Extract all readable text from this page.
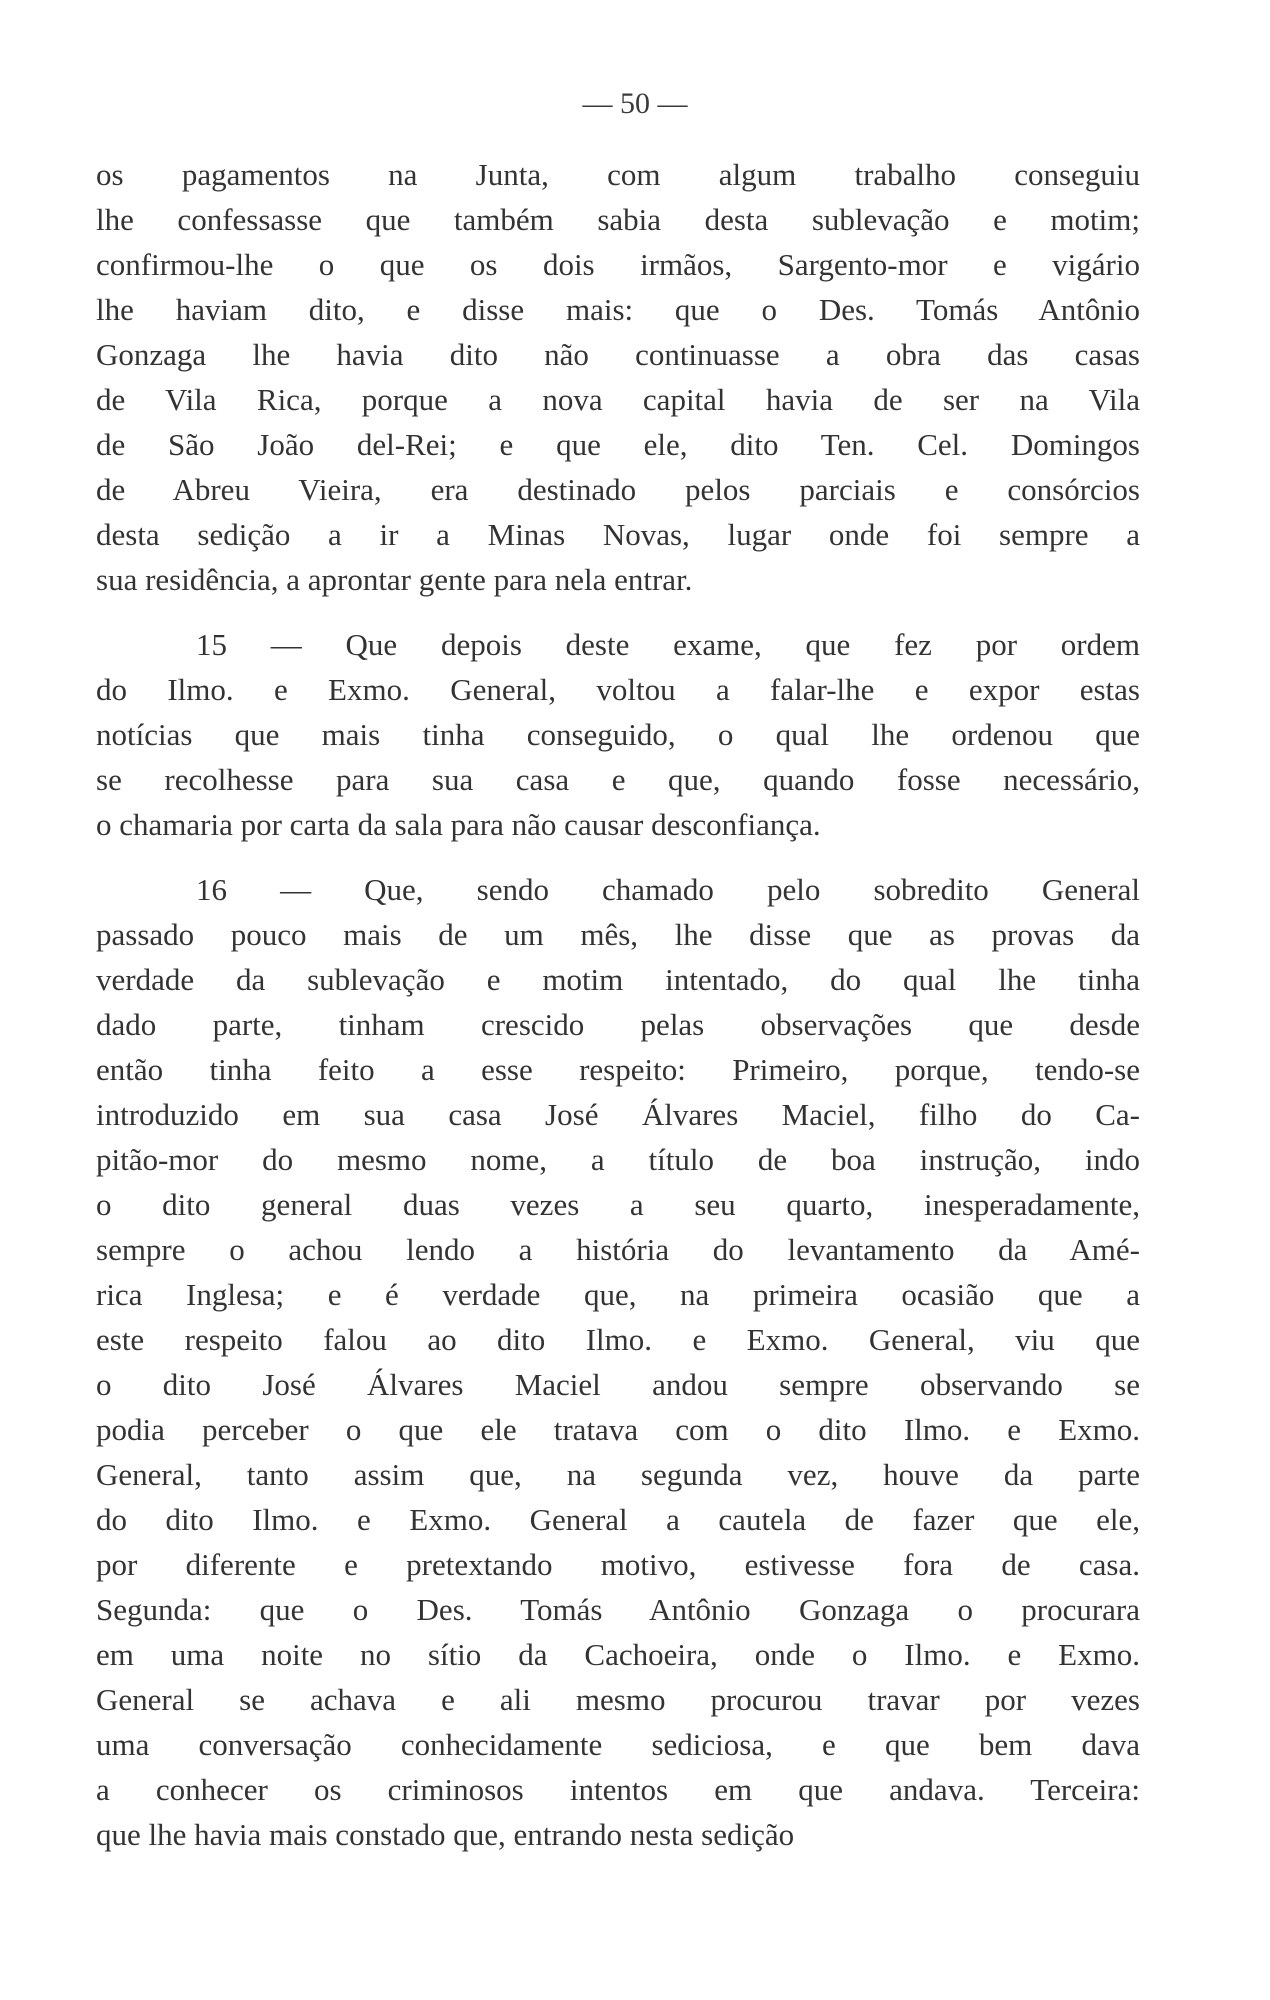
— 50 —
os pagamentos na Junta, com algum trabalho conseguiu
lhe confessasse que também sabia desta sublevação e motim;
confirmou-lhe o que os dois irmãos, Sargento-mor e vigário
lhe haviam dito, e disse mais: que o Des. Tomás Antônio
Gonzaga lhe havia dito não continuasse a obra das casas
de Vila Rica, porque a nova capital havia de ser na Vila
de São João del-Rei; e que ele, dito Ten. Cel. Domingos
de Abreu Vieira, era destinado pelos parciais e consórcios
desta sedição a ir a Minas Novas, lugar onde foi sempre a
sua residência, a aprontar gente para nela entrar.
15 — Que depois deste exame, que fez por ordem
do Ilmo. e Exmo. General, voltou a falar-lhe e expor estas
notícias que mais tinha conseguido, o qual lhe ordenou que
se recolhesse para sua casa e que, quando fosse necessário,
o chamaria por carta da sala para não causar desconfiança.
16 — Que, sendo chamado pelo sobredito General
passado pouco mais de um mês, lhe disse que as provas da
verdade da sublevação e motim intentado, do qual lhe tinha
dado parte, tinham crescido pelas observações que desde
então tinha feito a esse respeito: Primeiro, porque, tendo-se
introduzido em sua casa José Álvares Maciel, filho do Ca-
pitão-mor do mesmo nome, a título de boa instrução, indo
o dito general duas vezes a seu quarto, inesperadamente,
sempre o achou lendo a história do levantamento da Amé-
rica Inglesa; e é verdade que, na primeira ocasião que a
este respeito falou ao dito Ilmo. e Exmo. General, viu que
o dito José Álvares Maciel andou sempre observando se
podia perceber o que ele tratava com o dito Ilmo. e Exmo.
General, tanto assim que, na segunda vez, houve da parte
do dito Ilmo. e Exmo. General a cautela de fazer que ele,
por diferente e pretextando motivo, estivesse fora de casa.
Segunda: que o Des. Tomás Antônio Gonzaga o procurara
em uma noite no sítio da Cachoeira, onde o Ilmo. e Exmo.
General se achava e ali mesmo procurou travar por vezes
uma conversação conhecidamente sediciosa, e que bem dava
a conhecer os criminosos intentos em que andava. Terceira:
que lhe havia mais constado que, entrando nesta sedição
